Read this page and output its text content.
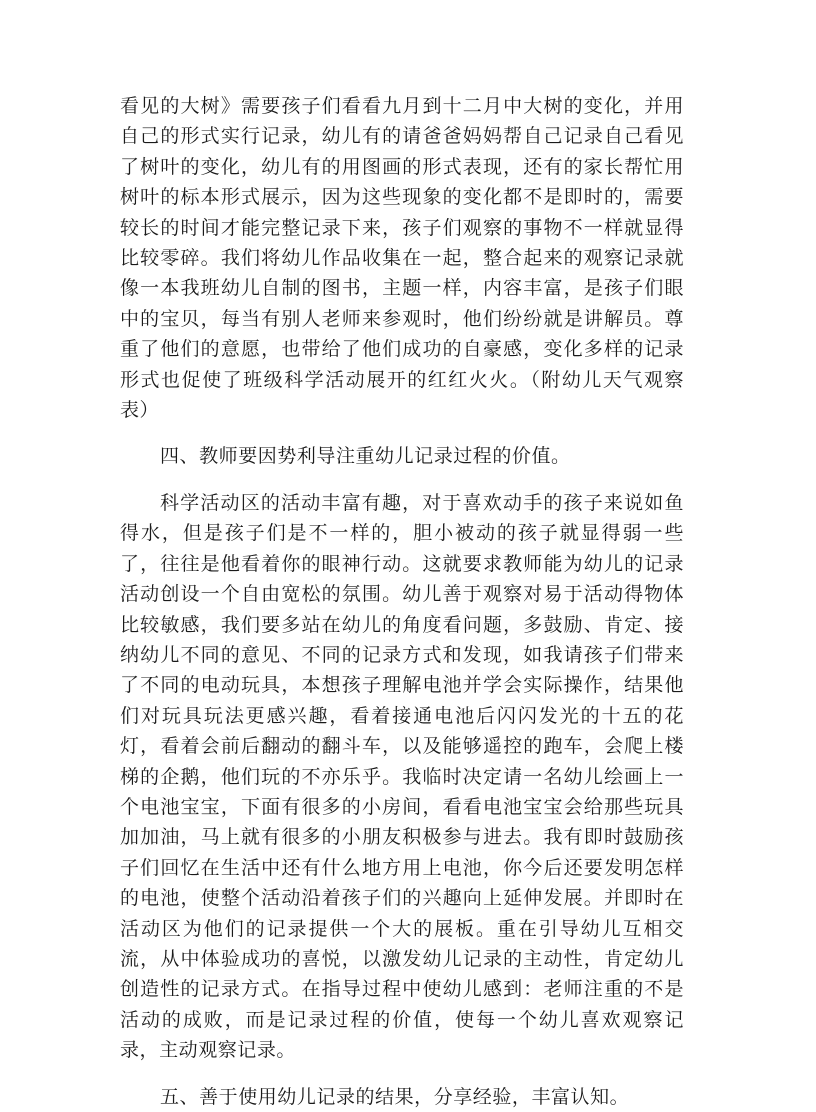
看见的大树》需要孩子们看看九月到十二月中大树的变化，并用自己的形式实行记录，幼儿有的请爸爸妈妈帮自己记录自己看见了树叶的变化，幼儿有的用图画的形式表现，还有的家长帮忙用树叶的标本形式展示，因为这些现象的变化都不是即时的，需要较长的时间才能完整记录下来，孩子们观察的事物不一样就显得比较零碎。我们将幼儿作品收集在一起，整合起来的观察记录就像一本我班幼儿自制的图书，主题一样，内容丰富，是孩子们眼中的宝贝，每当有别人老师来参观时，他们纷纷就是讲解员。尊重了他们的意愿，也带给了他们成功的自豪感，变化多样的记录形式也促使了班级科学活动展开的红红火火。（附幼儿天气观察表）

四、教师要因势利导注重幼儿记录过程的价值。

科学活动区的活动丰富有趣，对于喜欢动手的孩子来说如鱼得水，但是孩子们是不一样的，胆小被动的孩子就显得弱一些了，往往是他看着你的眼神行动。这就要求教师能为幼儿的记录活动创设一个自由宽松的氛围。幼儿善于观察对易于活动得物体比较敏感，我们要多站在幼儿的角度看问题，多鼓励、肯定、接纳幼儿不同的意见、不同的记录方式和发现，如我请孩子们带来了不同的电动玩具，本想孩子理解电池并学会实际操作，结果他们对玩具玩法更感兴趣，看着接通电池后闪闪发光的十五的花灯，看着会前后翻动的翻斗车，以及能够遥控的跑车，会爬上楼梯的企鹅，他们玩的不亦乐乎。我临时决定请一名幼儿绘画上一个电池宝宝，下面有很多的小房间，看看电池宝宝会给那些玩具加加油，马上就有很多的小朋友积极参与进去。我有即时鼓励孩子们回忆在生活中还有什么地方用上电池，你今后还要发明怎样的电池，使整个活动沿着孩子们的兴趣向上延伸发展。并即时在活动区为他们的记录提供一个大的展板。重在引导幼儿互相交流，从中体验成功的喜悦，以激发幼儿记录的主动性，肯定幼儿创造性的记录方式。在指导过程中使幼儿感到：老师注重的不是活动的成败，而是记录过程的价值，使每一个幼儿喜欢观察记录，主动观察记录。

五、善于使用幼儿记录的结果，分享经验，丰富认知。
